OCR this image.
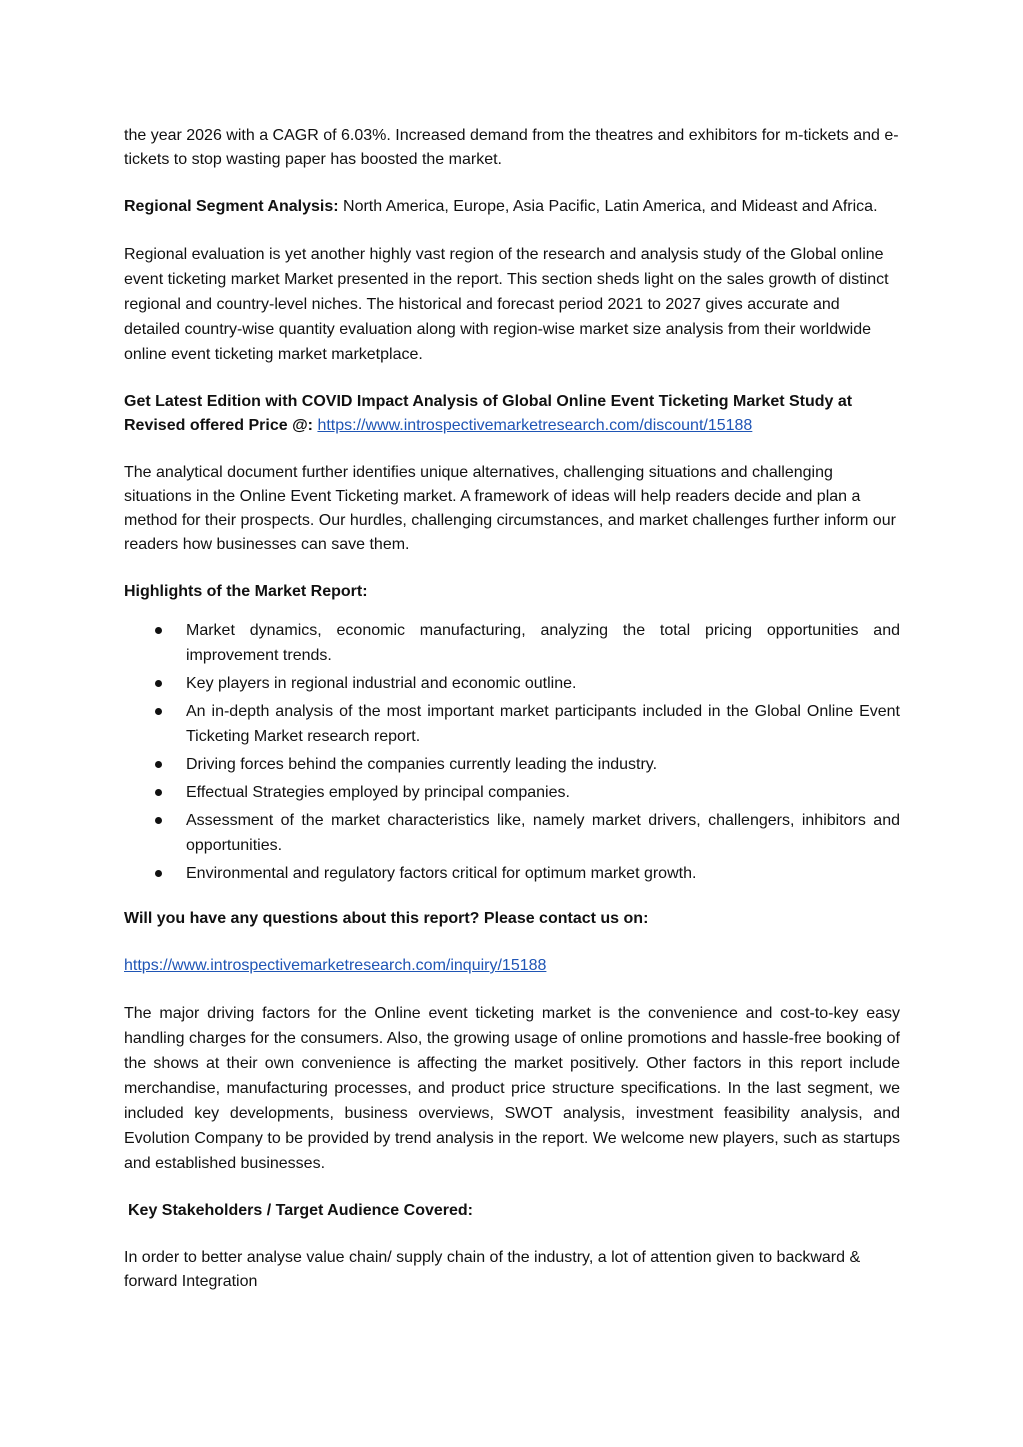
the year 2026 with a CAGR of 6.03%. Increased demand from the theatres and exhibitors for m-tickets and e-tickets to stop wasting paper has boosted the market.

Regional Segment Analysis: North America, Europe, Asia Pacific, Latin America, and Mideast and Africa.

Regional evaluation is yet another highly vast region of the research and analysis study of the Global online event ticketing market Market presented in the report. This section sheds light on the sales growth of distinct regional and country-level niches. The historical and forecast period 2021 to 2027 gives accurate and detailed country-wise quantity evaluation along with region-wise market size analysis from their worldwide online event ticketing market marketplace.

Get Latest Edition with COVID Impact Analysis of Global Online Event Ticketing Market Study at Revised offered Price @: https://www.introspectivemarketresearch.com/discount/15188

The analytical document further identifies unique alternatives, challenging situations and challenging situations in the Online Event Ticketing market. A framework of ideas will help readers decide and plan a method for their prospects. Our hurdles, challenging circumstances, and market challenges further inform our readers how businesses can save them.

Highlights of the Market Report:

Market dynamics, economic manufacturing, analyzing the total pricing opportunities and improvement trends.
Key players in regional industrial and economic outline.
An in-depth analysis of the most important market participants included in the Global Online Event Ticketing Market research report.
Driving forces behind the companies currently leading the industry.
Effectual Strategies employed by principal companies.
Assessment of the market characteristics like, namely market drivers, challengers, inhibitors and opportunities.
Environmental and regulatory factors critical for optimum market growth.

Will you have any questions about this report? Please contact us on:

https://www.introspectivemarketresearch.com/inquiry/15188

The major driving factors for the Online event ticketing market is the convenience and cost-to-key easy handling charges for the consumers. Also, the growing usage of online promotions and hassle-free booking of the shows at their own convenience is affecting the market positively. Other factors in this report include merchandise, manufacturing processes, and product price structure specifications. In the last segment, we included key developments, business overviews, SWOT analysis, investment feasibility analysis, and Evolution Company to be provided by trend analysis in the report. We welcome new players, such as startups and established businesses.

Key Stakeholders / Target Audience Covered:

In order to better analyse value chain/ supply chain of the industry, a lot of attention given to backward & forward Integration
